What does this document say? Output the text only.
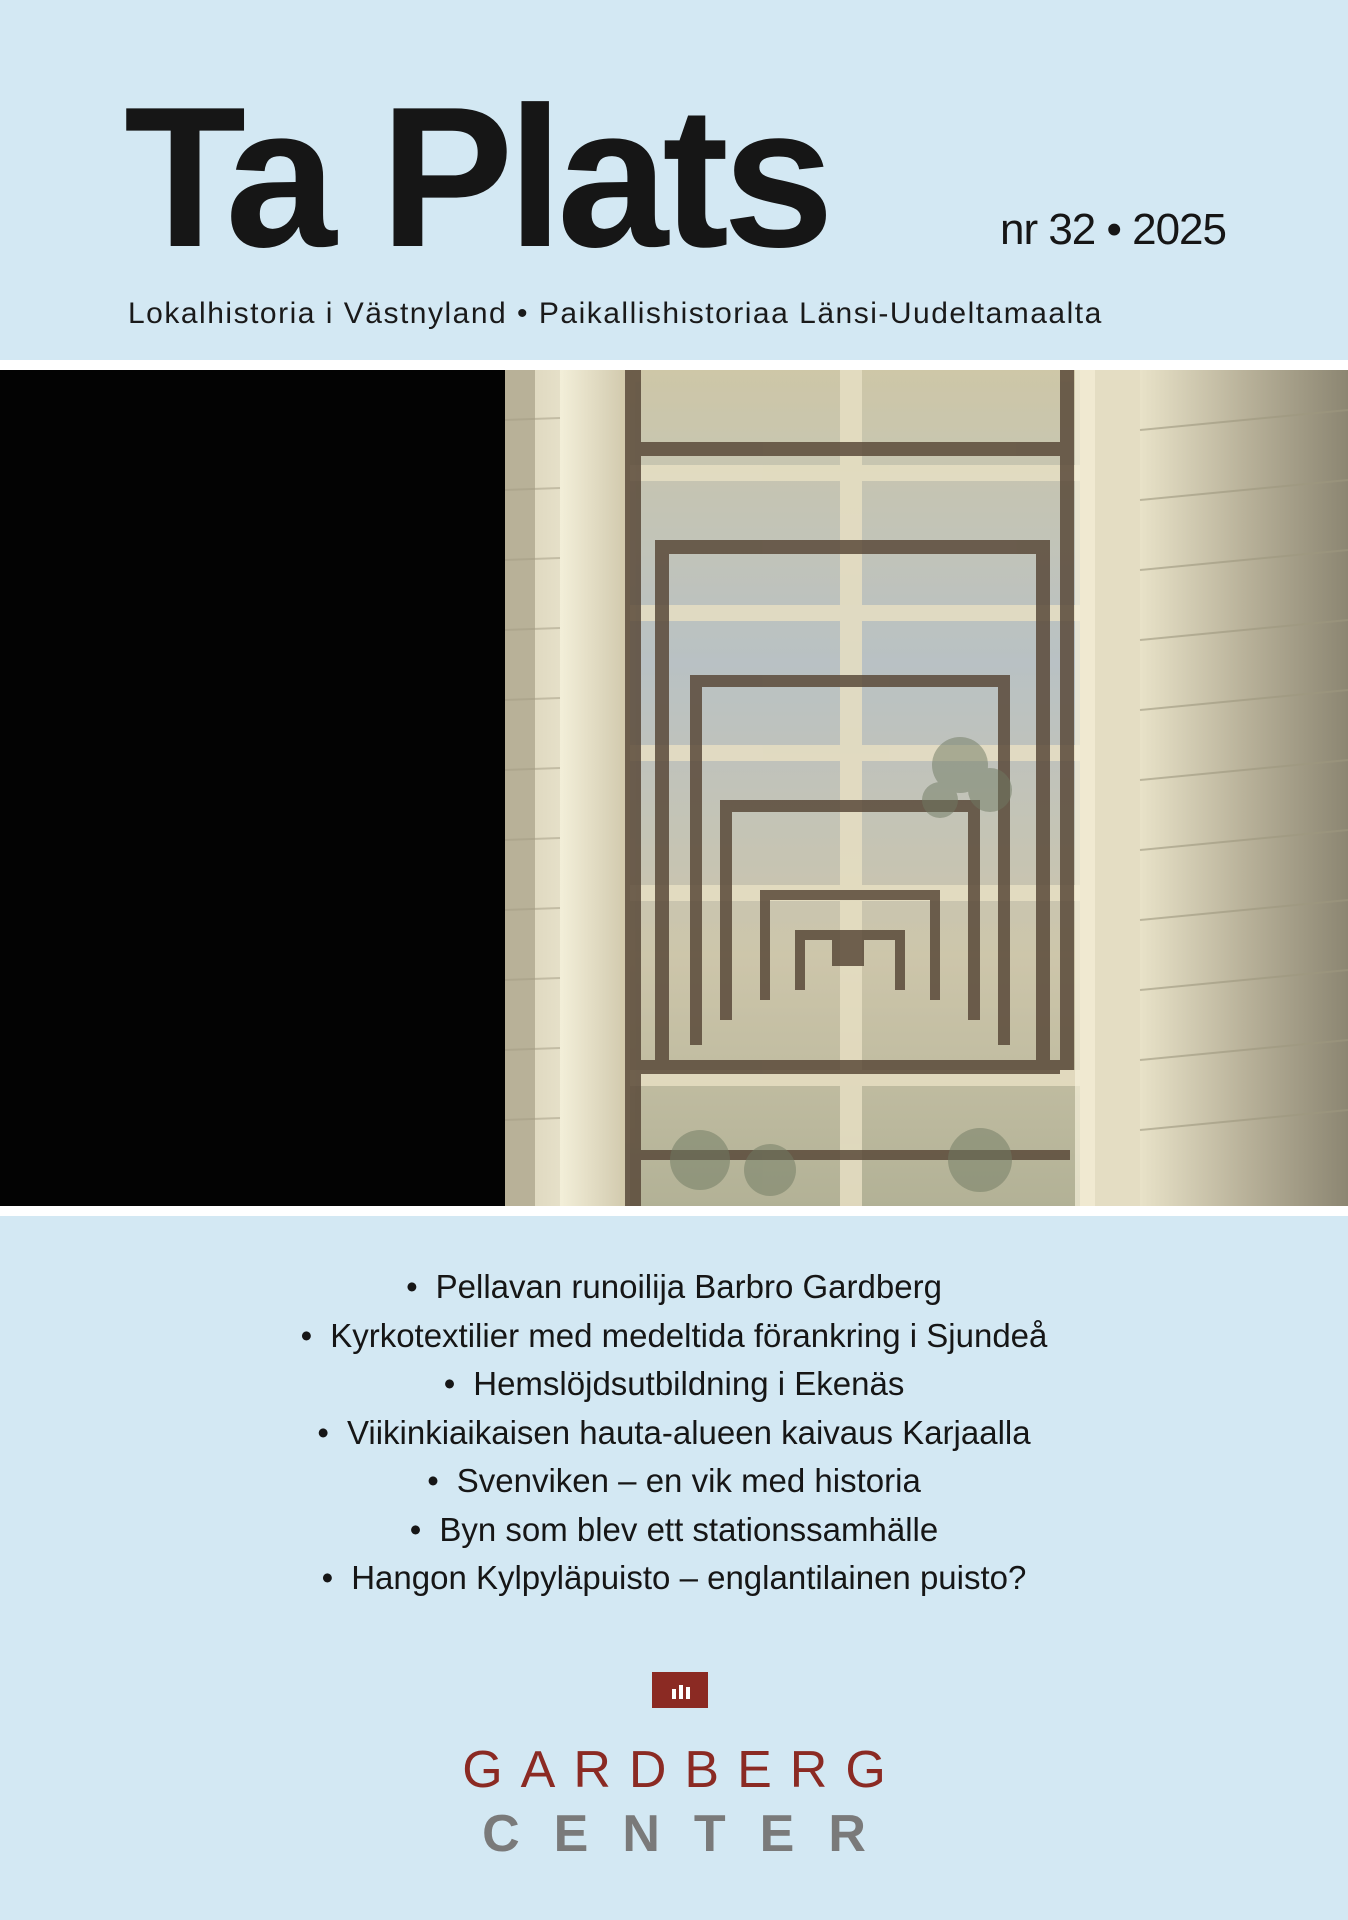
Ta Plats	nr 32 • 2025
Lokalhistoria i Västnyland • Paikallishistoriaa Länsi-Uudeltamaalta
• Pellavan runoilija Barbro Gardberg
• Kyrkotextilier med medeltida förankring i Sjundeå
• Hemslöjdsutbildning i Ekenäs
• Viikinkiaikaisen hauta-alueen kaivaus Karjaalla
• Svenviken – en vik med historia
• Byn som blev ett stationssamhälle
• Hangon Kylpyläpuisto – englantilainen puisto?
GARDBERG
CENTER
